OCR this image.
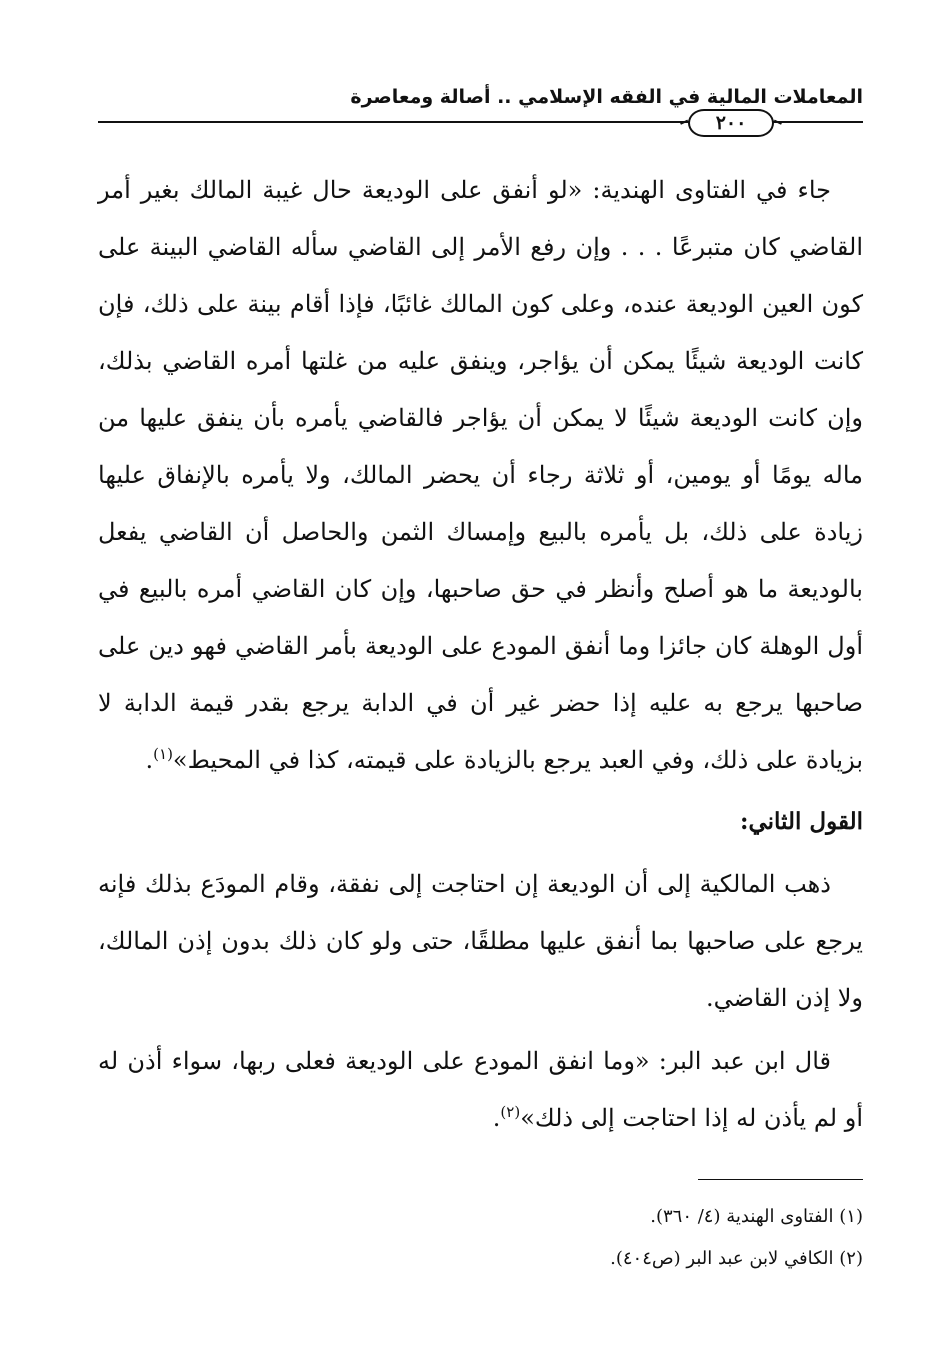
المعاملات المالية في الفقه الإسلامي .. أصالة ومعاصرة
٢٠٠

جاء في الفتاوى الهندية: «لو أنفق على الوديعة حال غيبة المالك بغير أمر القاضي كان متبرعًا . . . وإن رفع الأمر إلى القاضي سأله القاضي البينة على كون العين الوديعة عنده، وعلى كون المالك غائبًا، فإذا أقام بينة على ذلك، فإن كانت الوديعة شيئًا يمكن أن يؤاجر، وينفق عليه من غلتها أمره القاضي بذلك، وإن كانت الوديعة شيئًا لا يمكن أن يؤاجر فالقاضي يأمره بأن ينفق عليها من ماله يومًا أو يومين، أو ثلاثة رجاء أن يحضر المالك، ولا يأمره بالإنفاق عليها زيادة على ذلك، بل يأمره بالبيع وإمساك الثمن والحاصل أن القاضي يفعل بالوديعة ما هو أصلح وأنظر في حق صاحبها، وإن كان القاضي أمره بالبيع في أول الوهلة كان جائزا وما أنفق المودع على الوديعة بأمر القاضي فهو دين على صاحبها يرجع به عليه إذا حضر غير أن في الدابة يرجع بقدر قيمة الدابة لا بزيادة على ذلك، وفي العبد يرجع بالزيادة على قيمته، كذا في المحيط»$^{(١)}$.

القول الثاني:

ذهب المالكية إلى أن الوديعة إن احتاجت إلى نفقة، وقام المودَع بذلك فإنه يرجع على صاحبها بما أنفق عليها مطلقًا، حتى ولو كان ذلك بدون إذن المالك، ولا إذن القاضي.

قال ابن عبد البر: «وما انفق المودع على الوديعة فعلى ربها، سواء أذن له أو لم يأذن له إذا احتاجت إلى ذلك»$^{(٢)}$.

(١) الفتاوى الهندية (٤/ ٣٦٠).

(٢) الكافي لابن عبد البر (ص٤٠٤).
